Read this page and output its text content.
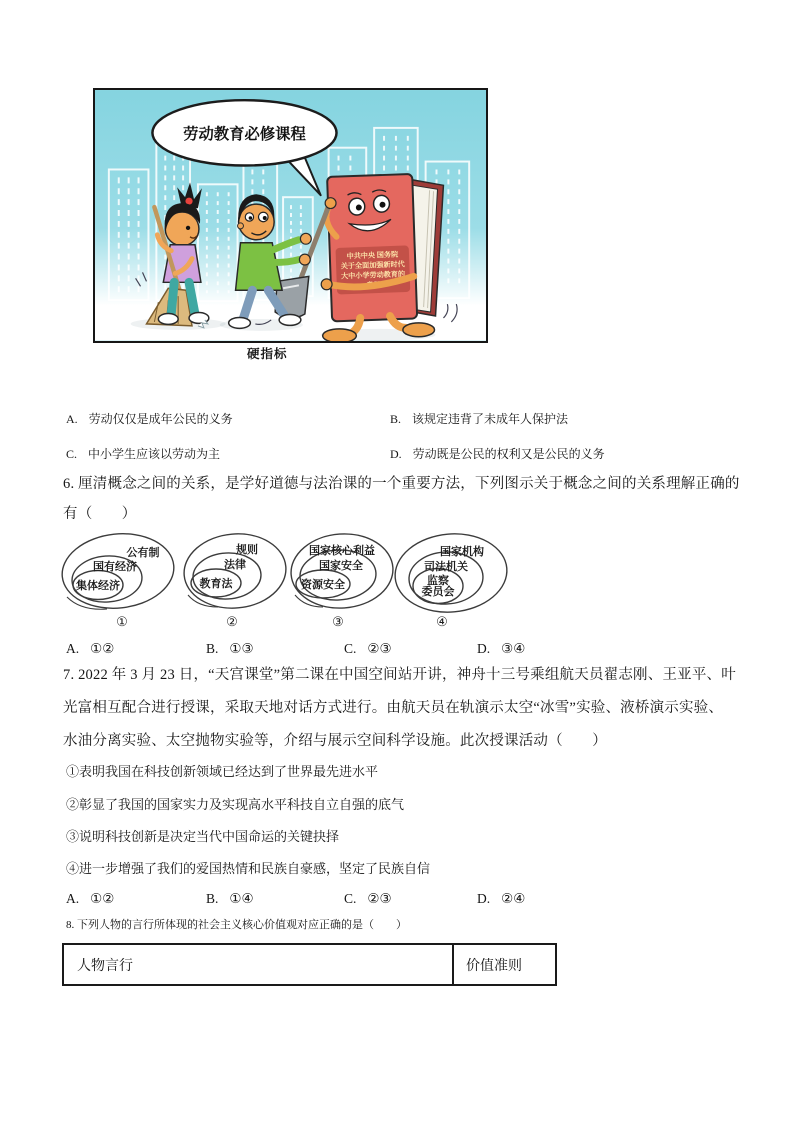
中共中央 国务院
关于全面加强新时代
大中小学劳动教育的
意见
劳动教育必修课程
硬指标
A. 劳动仅仅是成年公民的义务	B. 该规定违背了未成年人保护法
C. 中小学生应该以劳动为主	D. 劳动既是公民的权利又是公民的义务
6. 厘清概念之间的关系，是学好道德与法治课的一个重要方法，下列图示关于概念之间的关系理解正确的
有（　　）
公有制
国有经济
集体经济
规则
法律
教育法
国家核心利益
国家安全
资源安全
国家机构
司法机关
监察
委员会
①	②	③	④
A. ①②	B. ①③	C. ②③	D. ③④
7. 2022 年 3 月 23 日，“天宫课堂”第二课在中国空间站开讲，神舟十三号乘组航天员翟志刚、王亚平、叶
光富相互配合进行授课，采取天地对话方式进行。由航天员在轨演示太空“冰雪”实验、液桥演示实验、
水油分离实验、太空抛物实验等，介绍与展示空间科学设施。此次授课活动（　　）
①表明我国在科技创新领域已经达到了世界最先进水平
②彰显了我国的国家实力及实现高水平科技自立自强的底气
③说明科技创新是决定当代中国命运的关键抉择
④进一步增强了我们的爱国热情和民族自豪感，坚定了民族自信
A. ①②	B. ①④	C. ②③	D. ②④
8. 下列人物的言行所体现的社会主义核心价值观对应正确的是（　　）
人物言行	价值准则
